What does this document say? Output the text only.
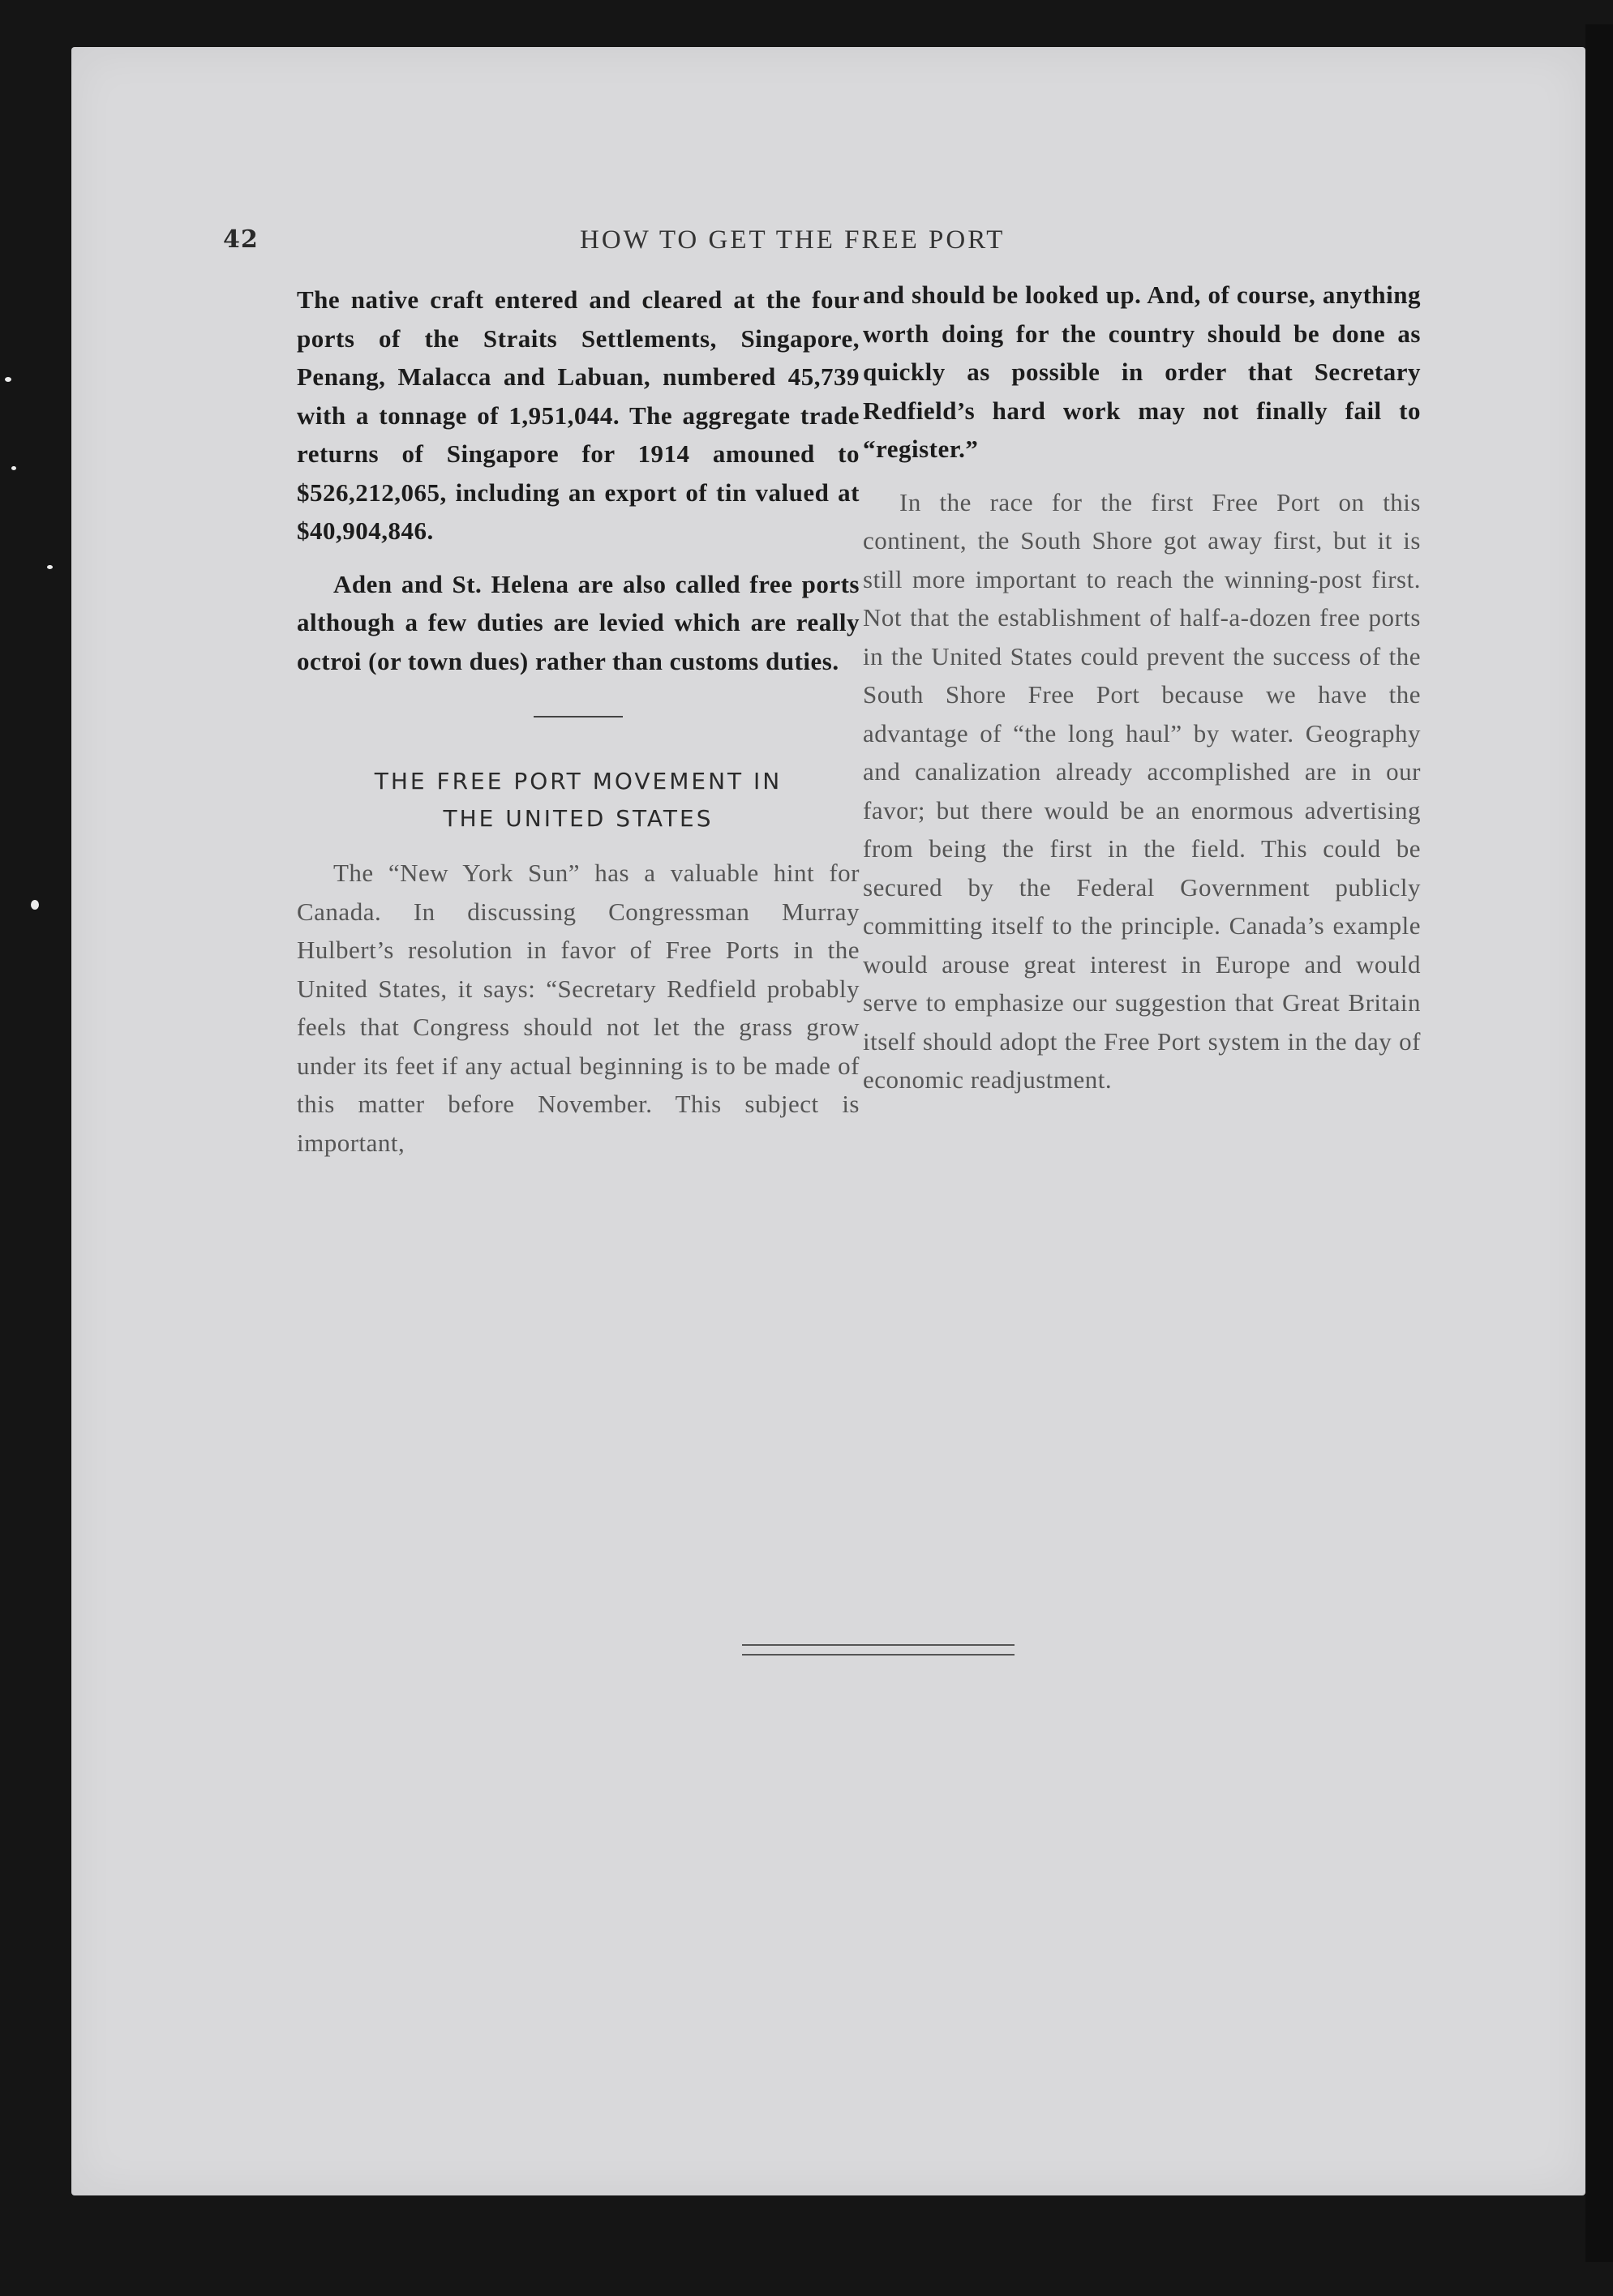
42	HOW TO GET THE FREE PORT

The native craft entered and cleared at the four ports of the Straits Settlements, Singapore, Penang, Malacca and Labuan, numbered 45,739 with a tonnage of 1,951,044. The aggregate trade returns of Singapore for 1914 amouned to $526,212,065, including an export of tin valued at $40,904,846.

Aden and St. Helena are also called free ports although a few duties are levied which are really octroi (or town dues) rather than customs duties.

THE FREE PORT MOVEMENT IN
THE UNITED STATES

The “New York Sun” has a valuable hint for Canada. In discussing Congressman Murray Hulbert’s resolution in favor of Free Ports in the United States, it says: “Secretary Redfield probably feels that Congress should not let the grass grow under its feet if any actual beginning is to be made of this matter before November. This subject is important,

and should be looked up. And, of course, anything worth doing for the country should be done as quickly as possible in order that Secretary Redfield’s hard work may not finally fail to “register.”

In the race for the first Free Port on this continent, the South Shore got away first, but it is still more important to reach the winning-post first. Not that the establishment of half-a-dozen free ports in the United States could prevent the success of the South Shore Free Port because we have the advantage of “the long haul” by water. Geography and canalization already accomplished are in our favor; but there would be an enormous advertising from being the first in the field. This could be secured by the Federal Government publicly committing itself to the principle. Canada’s example would arouse great interest in Europe and would serve to emphasize our suggestion that Great Britain itself should adopt the Free Port system in the day of economic readjustment.
